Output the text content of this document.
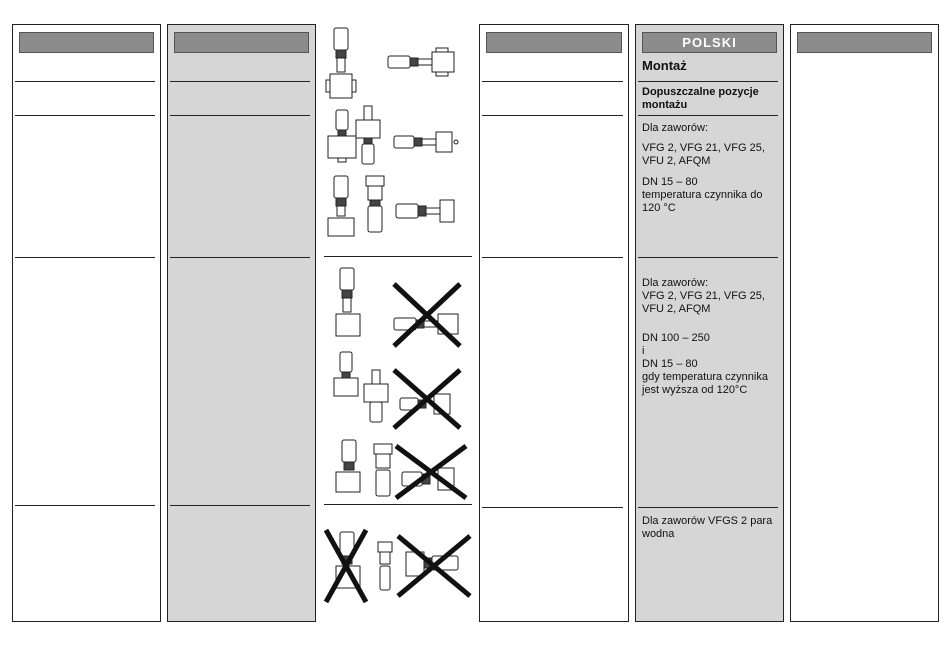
POLSKI
Montaż
Dopuszczalne pozycje montażu
Dla zaworów:
VFG 2, VFG 21, VFG 25, VFU 2, AFQM
DN 15 – 80
temperatura czynnika do 120 °C
Dla zaworów:
VFG 2, VFG 21, VFG 25, VFU 2, AFQM
DN 100 – 250
i
DN 15 – 80
gdy temperatura czynnika jest wyższa od 120°C
Dla zaworów VFGS 2 para wodna
